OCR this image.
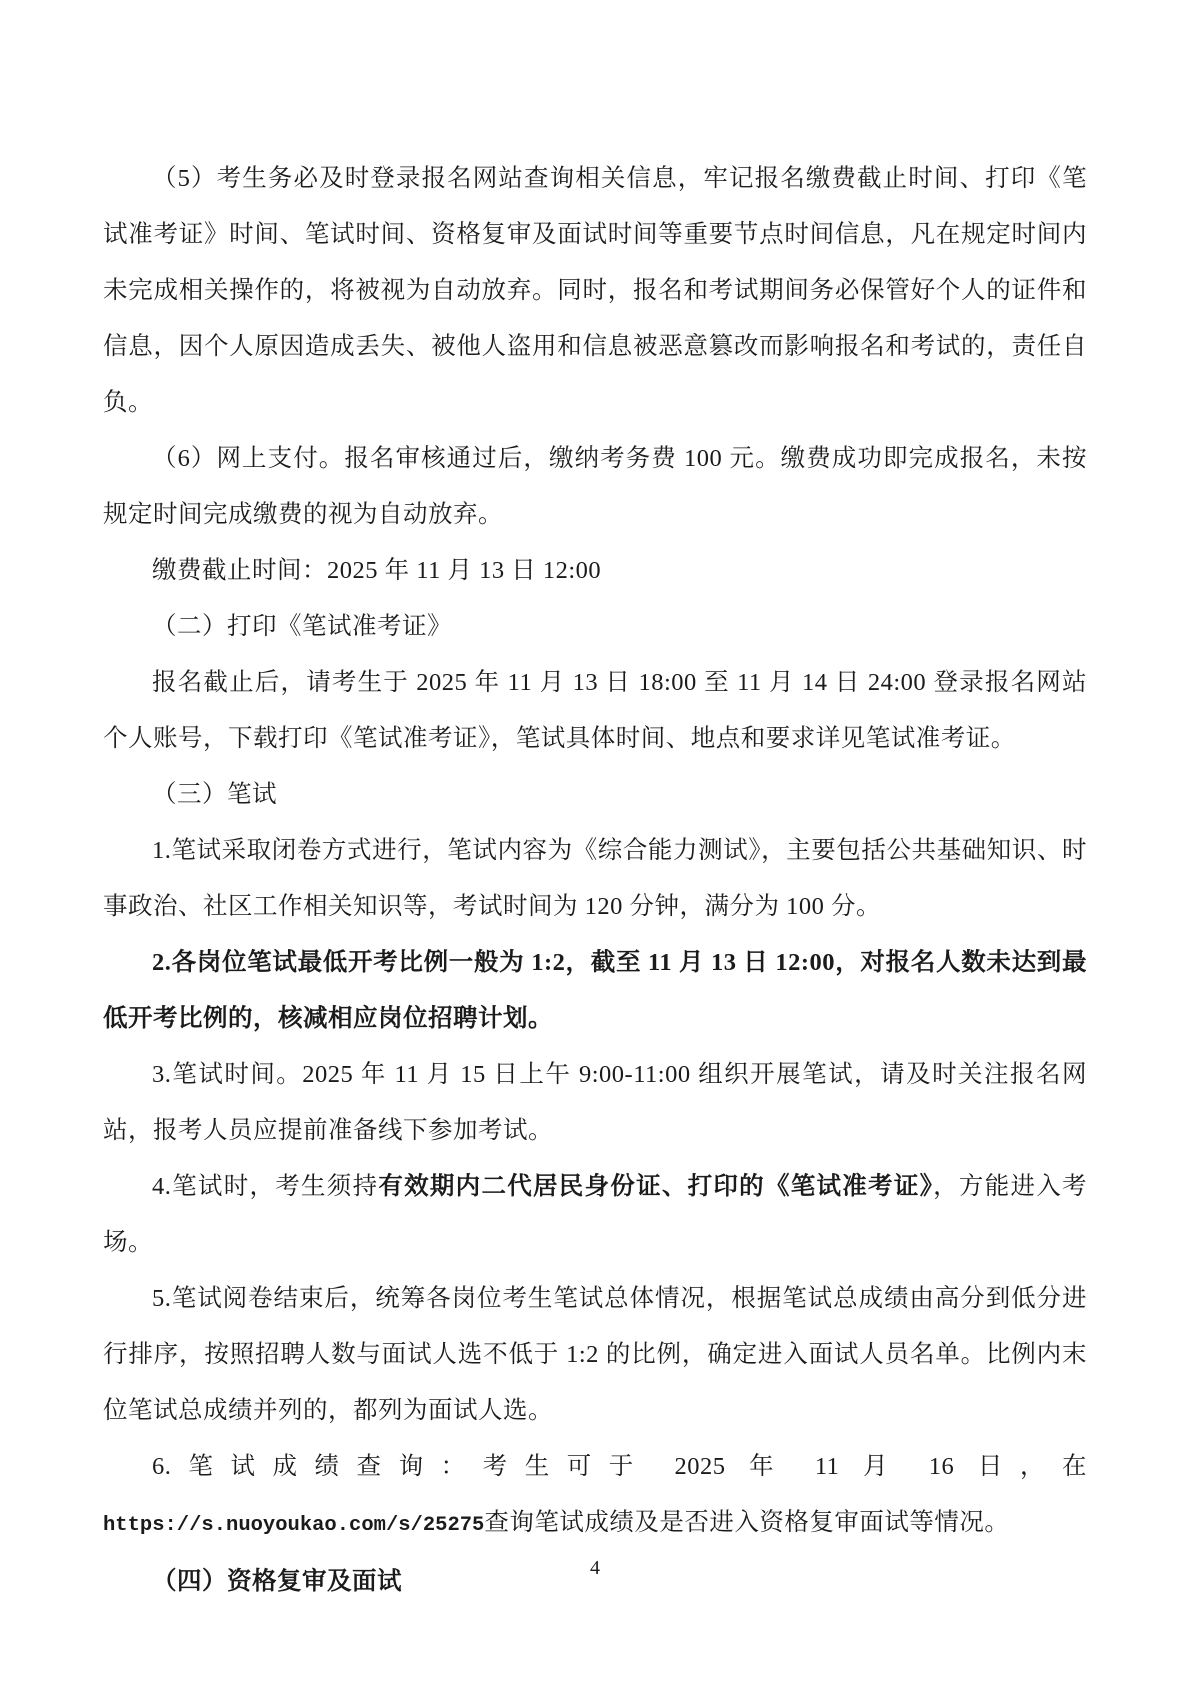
（5）考生务必及时登录报名网站查询相关信息，牢记报名缴费截止时间、打印《笔试准考证》时间、笔试时间、资格复审及面试时间等重要节点时间信息，凡在规定时间内未完成相关操作的，将被视为自动放弃。同时，报名和考试期间务必保管好个人的证件和信息，因个人原因造成丢失、被他人盗用和信息被恶意篡改而影响报名和考试的，责任自负。

（6）网上支付。报名审核通过后，缴纳考务费 100 元。缴费成功即完成报名，未按规定时间完成缴费的视为自动放弃。

缴费截止时间：2025 年 11 月 13 日 12:00

（二）打印《笔试准考证》

报名截止后，请考生于 2025 年 11 月 13 日 18:00 至 11 月 14 日 24:00 登录报名网站个人账号，下载打印《笔试准考证》，笔试具体时间、地点和要求详见笔试准考证。

（三）笔试

1.笔试采取闭卷方式进行，笔试内容为《综合能力测试》，主要包括公共基础知识、时事政治、社区工作相关知识等，考试时间为 120 分钟，满分为 100 分。

2.各岗位笔试最低开考比例一般为 1:2，截至 11 月 13 日 12:00，对报名人数未达到最低开考比例的，核减相应岗位招聘计划。

3.笔试时间。2025 年 11 月 15 日上午 9:00-11:00 组织开展笔试，请及时关注报名网站，报考人员应提前准备线下参加考试。

4.笔试时，考生须持有效期内二代居民身份证、打印的《笔试准考证》，方能进入考场。

5.笔试阅卷结束后，统筹各岗位考生笔试总体情况，根据笔试总成绩由高分到低分进行排序，按照招聘人数与面试人选不低于 1:2 的比例，确定进入面试人员名单。比例内末位笔试总成绩并列的，都列为面试人选。

6.笔试成绩查询：考生可于 2025 年 11 月 16 日，在 https://s.nuoyoukao.com/s/25275查询笔试成绩及是否进入资格复审面试等情况。

（四）资格复审及面试	4
